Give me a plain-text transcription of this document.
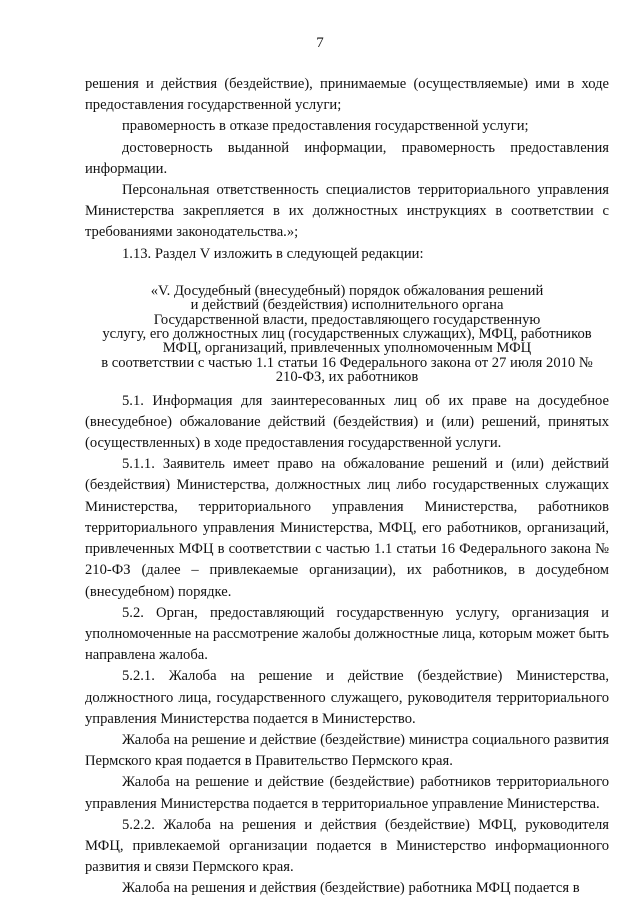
7

решения и действия (бездействие), принимаемые (осуществляемые) ими в ходе предоставления государственной услуги;

правомерность в отказе предоставления государственной услуги;

достоверность выданной информации, правомерность предоставления информации.

Персональная ответственность специалистов территориального управления Министерства закрепляется в их должностных инструкциях в соответствии с требованиями законодательства.»;

1.13. Раздел V изложить в следующей редакции:

«V. Досудебный (внесудебный) порядок обжалования решений
и действий (бездействия) исполнительного органа
Государственной власти, предоставляющего государственную
услугу, его должностных лиц (государственных служащих), МФЦ, работников
МФЦ, организаций, привлеченных уполномоченным МФЦ
в соответствии с частью 1.1 статьи 16 Федерального закона от 27 июля 2010 №
210-ФЗ, их работников

5.1. Информация для заинтересованных лиц об их праве на досудебное (внесудебное) обжалование действий (бездействия) и (или) решений, принятых (осуществленных) в ходе предоставления государственной услуги.

5.1.1. Заявитель имеет право на обжалование решений и (или) действий (бездействия) Министерства, должностных лиц либо государственных служащих Министерства, территориального управления Министерства, работников территориального управления Министерства, МФЦ, его работников, организаций, привлеченных МФЦ в соответствии с частью 1.1 статьи 16 Федерального закона № 210-ФЗ (далее – привлекаемые организации), их работников, в досудебном (внесудебном) порядке.

5.2. Орган, предоставляющий государственную услугу, организация и уполномоченные на рассмотрение жалобы должностные лица, которым может быть направлена жалоба.

5.2.1. Жалоба на решение и действие (бездействие) Министерства, должностного лица, государственного служащего, руководителя территориального управления Министерства подается в Министерство.

Жалоба на решение и действие (бездействие) министра социального развития Пермского края подается в Правительство Пермского края.

Жалоба на решение и действие (бездействие) работников территориального управления Министерства подается в территориальное управление Министерства.

5.2.2. Жалоба на решения и действия (бездействие) МФЦ, руководителя МФЦ, привлекаемой организации подается в Министерство информационного развития и связи Пермского края.

Жалоба на решения и действия (бездействие) работника МФЦ подается в
